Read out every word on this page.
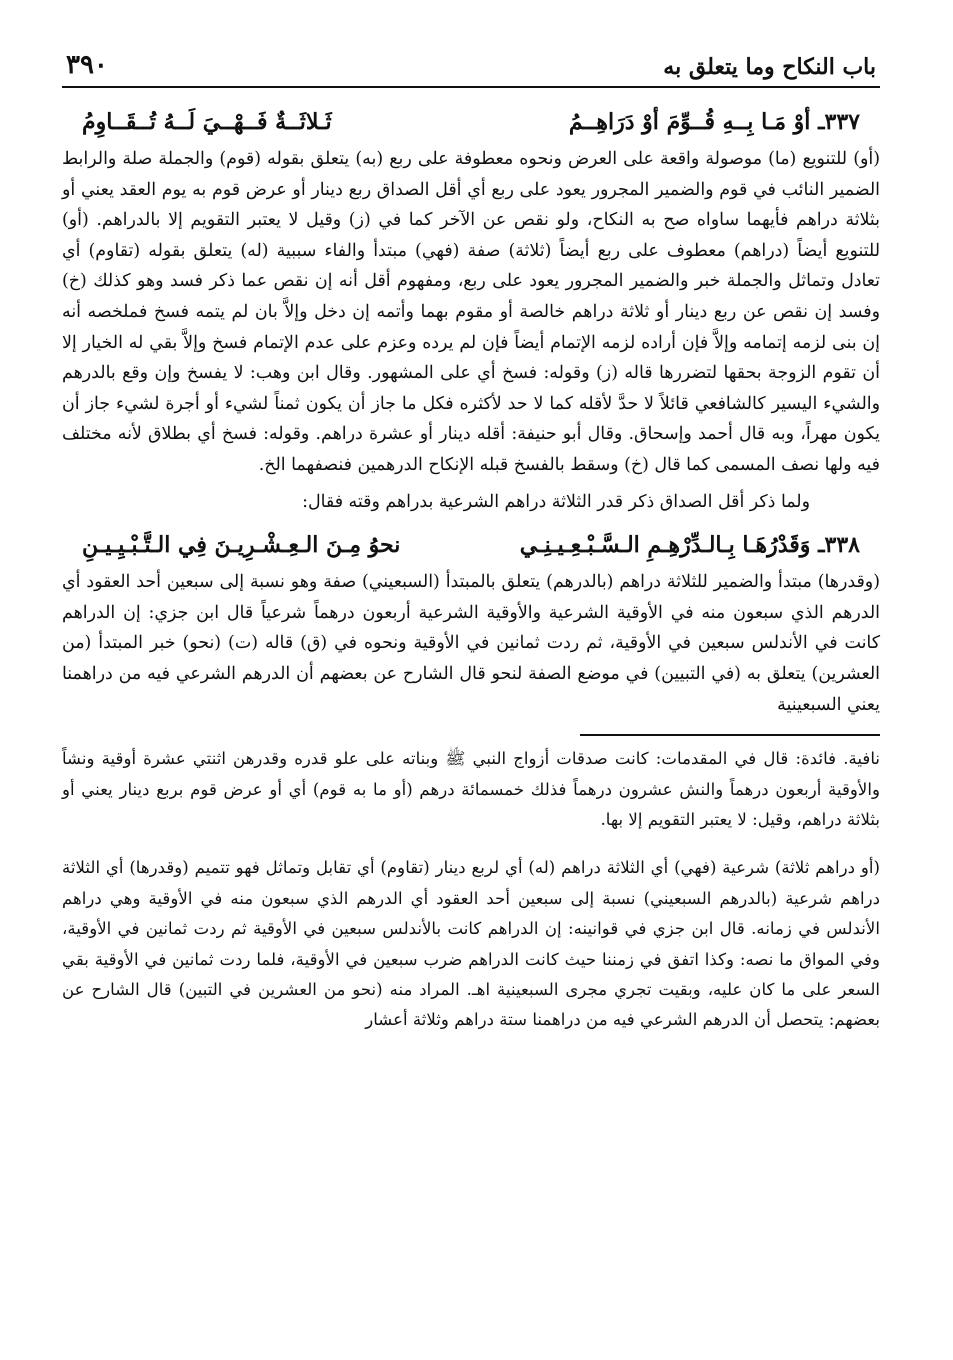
باب النكاح وما يتعلق به
٣٩٠
٣٣٧ـ أوْ مَـا بِــهِ قُــوِّمَ أوْ دَرَاهِــمُ
ثَـلاثَــةٌ فَــهْــيَ لَــهُ تُــقَــاوِمُ

(أو) للتنويع (ما) موصولة واقعة على العرض ونحوه معطوفة على ربع (به) يتعلق بقوله (قوم) والجملة صلة والرابط الضمير النائب في قوم والضمير المجرور يعود على ربع أي أقل الصداق ربع دينار أو عرض قوم به يوم العقد يعني أو بثلاثة دراهم فأيهما ساواه صح به النكاح، ولو نقص عن الآخر كما في (ز) وقيل لا يعتبر التقويم إلا بالدراهم. (أو) للتنويع أيضاً (دراهم) معطوف على ربع أيضاً (ثلاثة) صفة (فهي) مبتدأ والفاء سببية (له) يتعلق بقوله (تقاوم) أي تعادل وتماثل والجملة خبر والضمير المجرور يعود على ربع، ومفهوم أقل أنه إن نقص عما ذكر فسد وهو كذلك (خ) وفسد إن نقص عن ربع دينار أو ثلاثة دراهم خالصة أو مقوم بهما وأتمه إن دخل وإلاَّ بان لم يتمه فسخ فملخصه أنه إن بنى لزمه إتمامه وإلاَّ فإن أراده لزمه الإتمام أيضاً فإن لم يرده وعزم على عدم الإتمام فسخ وإلاَّ بقي له الخيار إلا أن تقوم الزوجة بحقها لتضررها قاله (ز) وقوله: فسخ أي على المشهور. وقال ابن وهب: لا يفسخ وإن وقع بالدرهم والشيء اليسير كالشافعي قائلاً لا حدَّ لأقله كما لا حد لأكثره فكل ما جاز أن يكون ثمناً لشيء أو أجرة لشيء جاز أن يكون مهراً، وبه قال أحمد وإسحاق. وقال أبو حنيفة: أقله دينار أو عشرة دراهم. وقوله: فسخ أي بطلاق لأنه مختلف فيه ولها نصف المسمى كما قال (خ) وسقط بالفسخ قبله الإنكاح الدرهمين فنصفهما الخ.

ولما ذكر أقل الصداق ذكر قدر الثلاثة دراهم الشرعية بدراهم وقته فقال:
٣٣٨ـ وَقَدْرُهَـا بِـالـدِّرْهِـمِ الـسَّـبْـعِـيـنِـي
نحوُ مِـنَ الـعِـشْـرِيـنَ فِي الـتَّـبْـيِـيـنِ

(وقدرها) مبتدأ والضمير للثلاثة دراهم (بالدرهم) يتعلق بالمبتدأ (السبعيني) صفة وهو نسبة إلى سبعين أحد العقود أي الدرهم الذي سبعون منه في الأوقية الشرعية والأوقية الشرعية أربعون درهماً شرعياً قال ابن جزي: إن الدراهم كانت في الأندلس سبعين في الأوقية، ثم ردت ثمانين في الأوقية ونحوه في (ق) قاله (ت) (نحو) خبر المبتدأ (من العشرين) يتعلق به (في التبيين) في موضع الصفة لنحو قال الشارح عن بعضهم أن الدرهم الشرعي فيه من دراهمنا يعني السبعينية

نافية. فائدة: قال في المقدمات: كانت صدقات أزواج النبي ﷺ وبناته على علو قدره وقدرهن اثنتي عشرة أوقية ونشاً والأوقية أربعون درهماً والنش عشرون درهماً فذلك خمسمائة درهم (أو ما به قوم) أي أو عرض قوم بربع دينار يعني أو بثلاثة دراهم، وقيل: لا يعتبر التقويم إلا بها.

(أو دراهم ثلاثة) شرعية (فهي) أي الثلاثة دراهم (له) أي لربع دينار (تقاوم) أي تقابل وتماثل فهو تتميم (وقدرها) أي الثلاثة دراهم شرعية (بالدرهم السبعيني) نسبة إلى سبعين أحد العقود أي الدرهم الذي سبعون منه في الأوقية وهي دراهم الأندلس في زمانه. قال ابن جزي في قوانينه: إن الدراهم كانت بالأندلس سبعين في الأوقية ثم ردت ثمانين في الأوقية، وفي المواق ما نصه: وكذا اتفق في زمننا حيث كانت الدراهم ضرب سبعين في الأوقية، فلما ردت ثمانين في الأوقية بقي السعر على ما كان عليه، وبقيت تجري مجرى السبعينية اهـ. المراد منه (نحو من العشرين في التبين) قال الشارح عن بعضهم: يتحصل أن الدرهم الشرعي فيه من دراهمنا ستة دراهم وثلاثة أعشار
